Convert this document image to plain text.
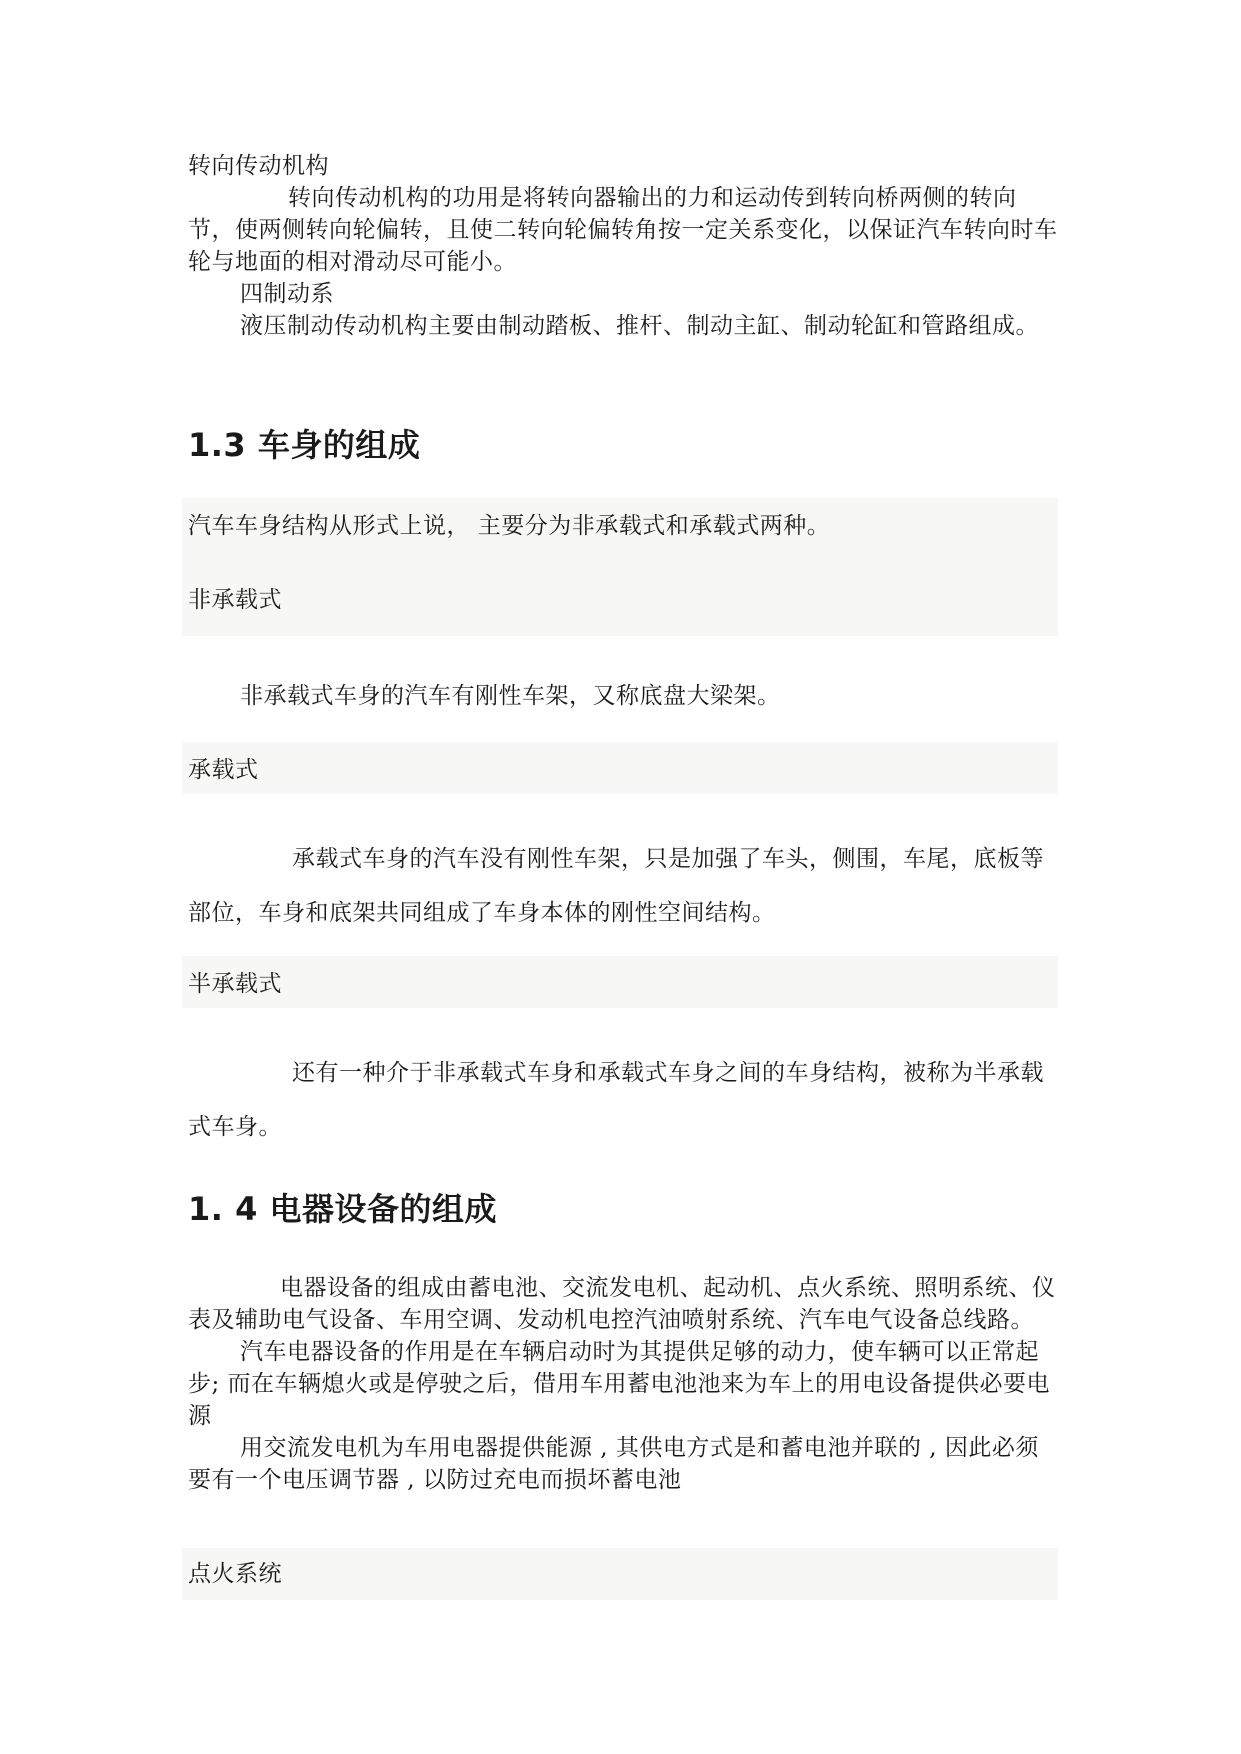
转向传动机构

转向传动机构的功用是将转向器输出的力和运动传到转向桥两侧的转向节，使两侧转向轮偏转，且使二转向轮偏转角按一定关系变化，以保证汽车转向时车轮与地面的相对滑动尽可能小。

四制动系

液压制动传动机构主要由制动踏板、推杆、制动主缸、制动轮缸和管路组成。

1.3 车身的组成

汽车车身结构从形式上说， 主要分为非承载式和承载式两种。

非承载式

非承载式车身的汽车有刚性车架，又称底盘大梁架。

承载式

承载式车身的汽车没有刚性车架，只是加强了车头，侧围，车尾，底板等部位，车身和底架共同组成了车身本体的刚性空间结构。

半承载式

还有一种介于非承载式车身和承载式车身之间的车身结构，被称为半承载式车身。

1. 4 电器设备的组成

电器设备的组成由蓄电池、交流发电机、起动机、点火系统、照明系统、仪表及辅助电气设备、车用空调、发动机电控汽油喷射系统、汽车电气设备总线路。

汽车电器设备的作用是在车辆启动时为其提供足够的动力，使车辆可以正常起步; 而在车辆熄火或是停驶之后，借用车用蓄电池池来为车上的用电设备提供必要电源

用交流发电机为车用电器提供能源 , 其供电方式是和蓄电池并联的 , 因此必须要有一个电压调节器 , 以防过充电而损坏蓄电池

点火系统
